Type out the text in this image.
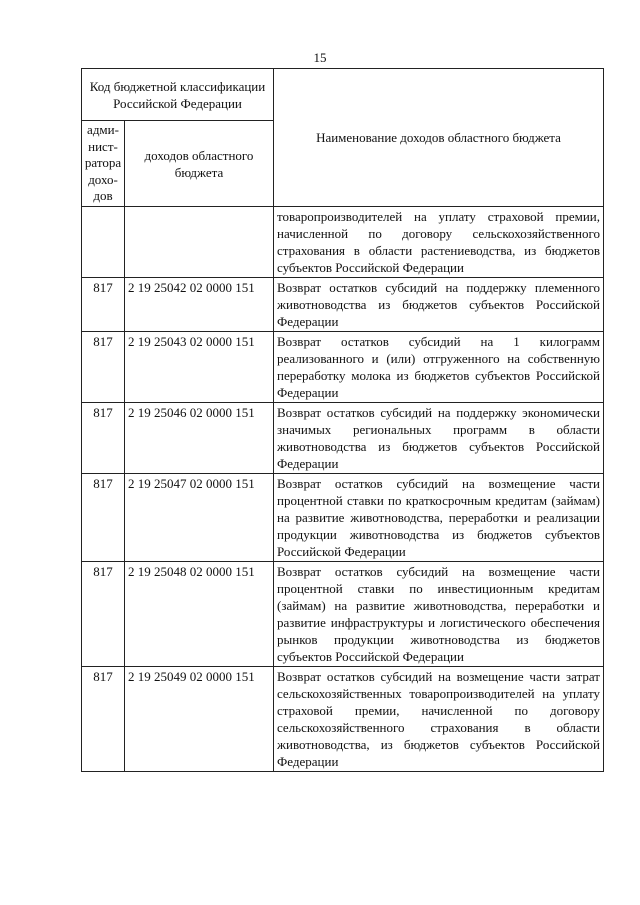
15
Код бюджетной классификации Российской Федерации		Наименование доходов областного бюджета
адми-нист-ратора дохо-дов	доходов областного бюджета	
		товаропроизводителей на уплату страховой премии, начисленной по договору сельскохозяйственного страхования в области растениеводства, из бюджетов субъектов Российской Федерации
817	2 19 25042 02 0000 151	Возврат остатков субсидий на поддержку племенного животноводства из бюджетов субъектов Российской Федерации
817	2 19 25043 02 0000 151	Возврат остатков субсидий на 1 килограмм реализованного и (или) отгруженного на собственную переработку молока из бюджетов субъектов Российской Федерации
817	2 19 25046 02 0000 151	Возврат остатков субсидий на поддержку экономически значимых региональных программ в области животноводства из бюджетов субъектов Российской Федерации
817	2 19 25047 02 0000 151	Возврат остатков субсидий на возмещение части процентной ставки по краткосрочным кредитам (займам) на развитие животноводства, переработки и реализации продукции животноводства из бюджетов субъектов Российской Федерации
817	2 19 25048 02 0000 151	Возврат остатков субсидий на возмещение части процентной ставки по инвестиционным кредитам (займам) на развитие животноводства, переработки и развитие инфраструктуры и логистического обеспечения рынков продукции животноводства из бюджетов субъектов Российской Федерации
817	2 19 25049 02 0000 151	Возврат остатков субсидий на возмещение части затрат сельскохозяйственных товаропроизводителей на уплату страховой премии, начисленной по договору сельскохозяйственного страхования в области животноводства, из бюджетов субъектов Российской Федерации
